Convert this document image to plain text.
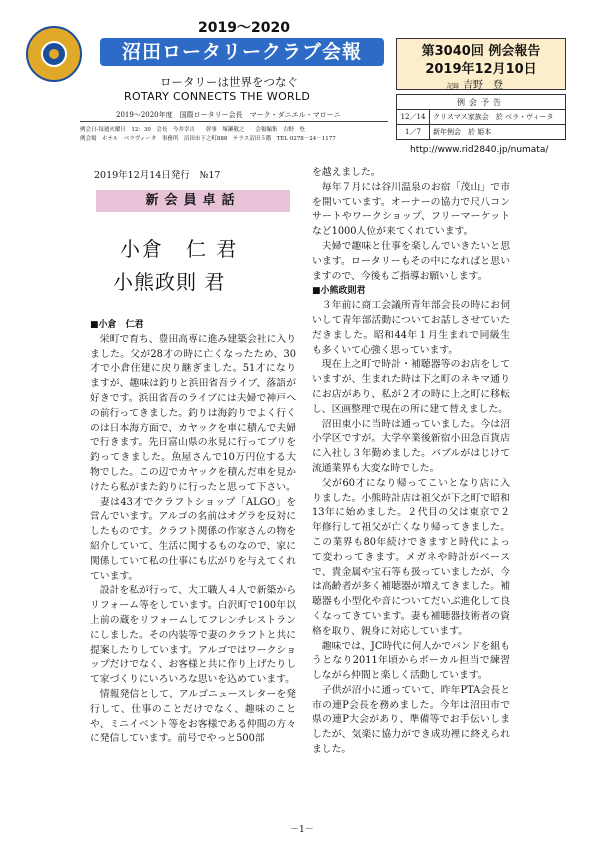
2019～2020
沼田ロータリークラブ会報
ロータリーは世界をつなぐ
ROTARY CONNECTS THE WORLD
2019～2020年度　国際ロータリー会長　マーク・ダニエル・マローニ
例会日-毎週火曜日　12：30　会長　今井幸吉　　幹事　塚瀬敬之　　会報編集　吉野　登
例会場　ホテル　ベラヴィータ　事務所　沼田市下之町888　テラス沼田５階　TEL 0278－24－1177
第3040回 例会報告
2019年12月10日
記録 吉野　登
例会予告	
12／14	クリスマス家族会　於 ベラ・ヴィータ
1／7	新年例会　於 姫本
http://www.rid2840.jp/numata/
2019年12月14日発行　№17
新会員卓話
小倉　仁 君
小熊政則 君

■小倉　仁君

栄町で育ち、豊田高専に進み建築会社に入りました。父が28才の時に亡くなったため、30才で小倉住建に戻り継ぎました。51才になりますが、趣味は釣りと浜田省吾ライブ、落語が好きです。浜田省吾のライブには夫婦で神戸への前行ってきました。釣りは海釣りでよく行くのは日本海方面で、カヤックを車に積んで夫婦で行きます。先日富山県の氷見に行ってブリを釣ってきました。魚屋さんで10万円位する大物でした。この辺でカヤックを積んだ車を見かけたら私がまた釣りに行ったと思って下さい。

妻は43才でクラフトショップ「ALGO」を営んでいます。アルゴの名前はオグラを反対にしたものです。クラフト関係の作家さんの物を紹介していて、生活に関するものなので、家に関係していて私の仕事にも広がりを与えてくれています。

設計を私が行って、大工職人４人で新築からリフォーム等をしています。白沢町で100年以上前の蔵をリフォームしてフレンチレストランにしました。その内装等で妻のクラフトと共に提案したりしています。アルゴではワークショップだけでなく、お客様と共に作り上げたりして家づくりにいろいろな思いを込めています。

情報発信として、アルゴニュースレターを発行して、仕事のことだけでなく、趣味のことや、ミニイベント等をお客様である仲間の方々に発信しています。前号でやっと500部

を越えました。

毎年７月には谷川温泉のお宿「茂山」で市を開いています。オーナーの協力で尺八コンサートやワークショップ、フリーマーケットなど1000人位が来てくれています。

夫婦で趣味と仕事を楽しんでいきたいと思います。ロータリーもその中になればと思いますので、今後もご指導お願いします。

■小熊政則君

３年前に商工会議所青年部会長の時にお伺いして青年部活動についてお話しさせていただきました。昭和44年１月生まれで同級生も多くいて心強く思っています。

現在上之町で時計・補聴器等のお店をしていますが、生まれた時は下之町のネキマ通りにお店があり、私が２才の時に上之町に移転し、区画整理で現在の所に建て替えました。

沼田東小に当時は通っていました。今は沼小学区ですが。大学卒業後新宿小田急百貨店に入社し３年勤めました。バブルがはじけて流通業界も大変な時でした。

父が60才になり帰ってこいとなり店に入りました。小熊時計店は祖父が下之町で昭和13年に始めました。２代目の父は東京で２年修行して祖父が亡くなり帰ってきました。この業界も80年続けできますと時代によって変わってきます。メガネや時計がベースで、貴金属や宝石等も扱っていましたが、今は高齢者が多く補聴器が増えてきました。補聴器も小型化や音についてだいぶ進化して良くなってきています。妻も補聴器技術者の資格を取り、親身に対応しています。

趣味では、JC時代に何人かでバンドを組もうとなり2011年頃からボーカル担当で練習しながら仲間と楽しく活動しています。

子供が沼小に通っていて、昨年PTA会長と市の連P会長を務めました。今年は沼田市で県の連P大会があり、準備等でお手伝いしましたが、気楽に協力ができ成功裡に終えられました。

－1－
